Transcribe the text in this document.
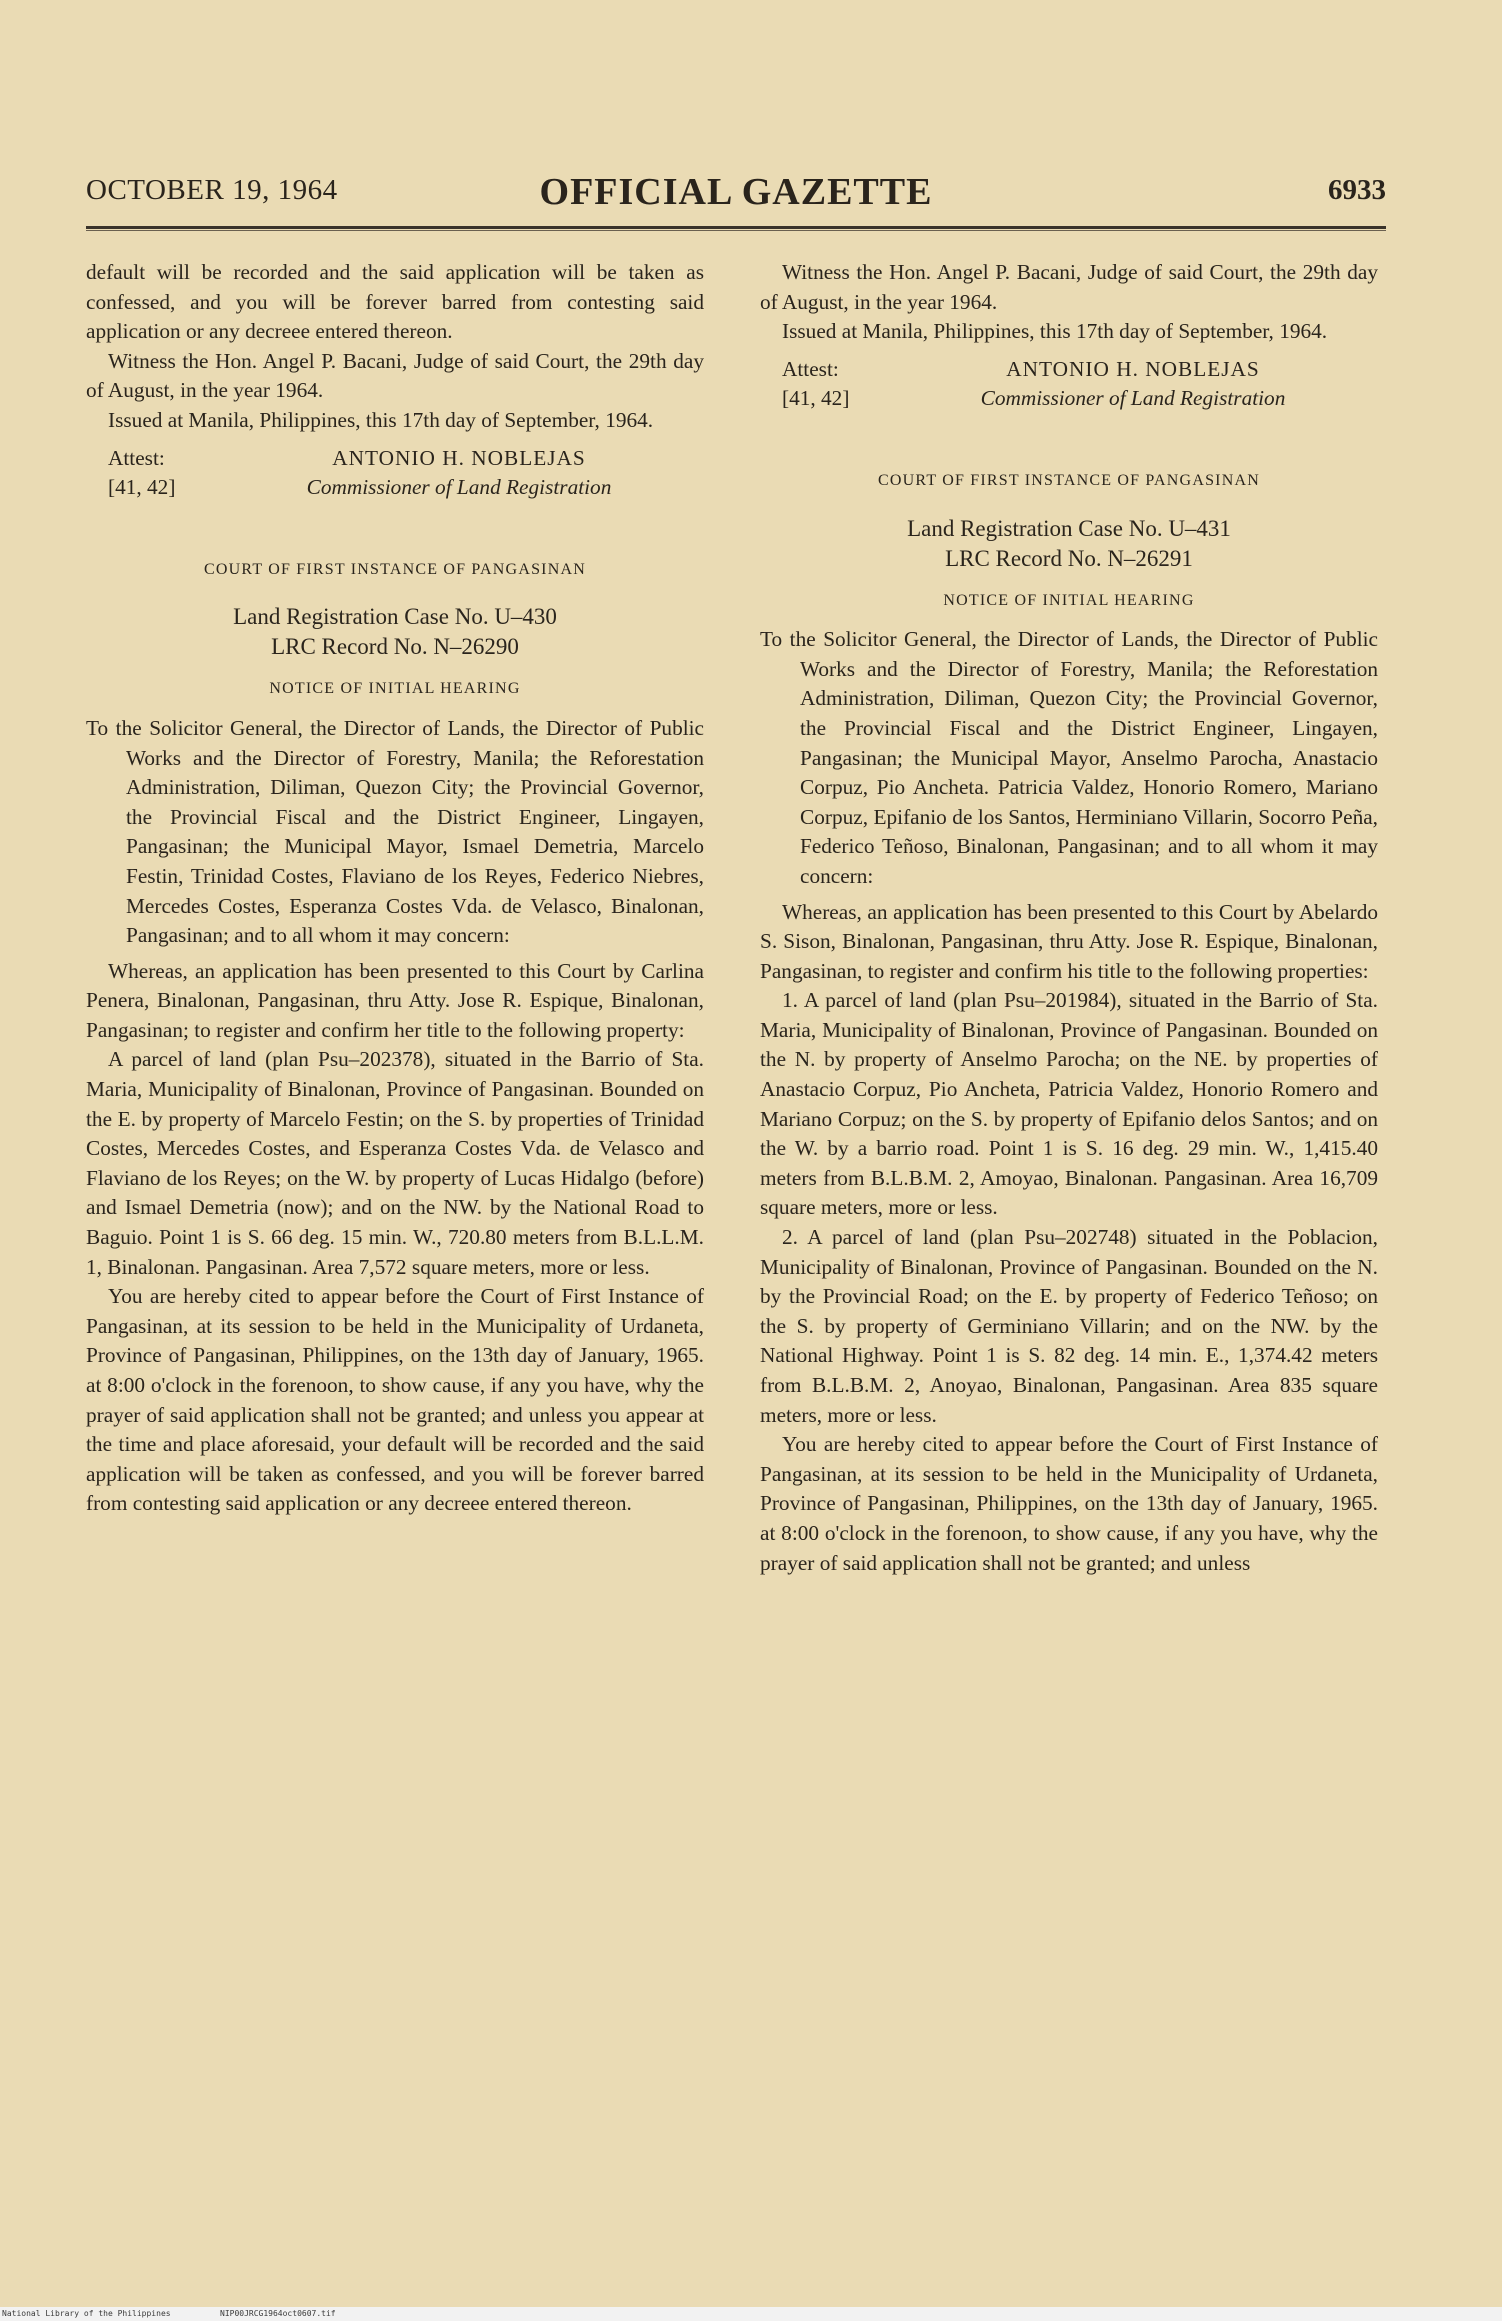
OCTOBER 19, 1964	OFFICIAL GAZETTE	6933

default will be recorded and the said application will be taken as confessed, and you will be forever barred from contesting said application or any decreee entered thereon.

Witness the Hon. Angel P. Bacani, Judge of said Court, the 29th day of August, in the year 1964.

Issued at Manila, Philippines, this 17th day of September, 1964.

Attest:	ANTONIO H. NOBLEJAS
[41, 42]	Commissioner of Land Registration
COURT OF FIRST INSTANCE OF PANGASINAN
Land Registration Case No. U–430
LRC Record No. N–26290
NOTICE OF INITIAL HEARING

To the Solicitor General, the Director of Lands, the Director of Public Works and the Director of Forestry, Manila; the Reforestation Administration, Diliman, Quezon City; the Provincial Governor, the Provincial Fiscal and the District Engineer, Lingayen, Pangasinan; the Municipal Mayor, Ismael Demetria, Marcelo Festin, Trinidad Costes, Flaviano de los Reyes, Federico Niebres, Mercedes Costes, Esperanza Costes Vda. de Velasco, Binalonan, Pangasinan; and to all whom it may concern:

Whereas, an application has been presented to this Court by Carlina Penera, Binalonan, Pangasinan, thru Atty. Jose R. Espique, Binalonan, Pangasinan; to register and confirm her title to the following property:

A parcel of land (plan Psu–202378), situated in the Barrio of Sta. Maria, Municipality of Binalonan, Province of Pangasinan. Bounded on the E. by property of Marcelo Festin; on the S. by properties of Trinidad Costes, Mercedes Costes, and Esperanza Costes Vda. de Velasco and Flaviano de los Reyes; on the W. by property of Lucas Hidalgo (before) and Ismael Demetria (now); and on the NW. by the National Road to Baguio. Point 1 is S. 66 deg. 15 min. W., 720.80 meters from B.L.L.M. 1, Binalonan. Pangasinan. Area 7,572 square meters, more or less.

You are hereby cited to appear before the Court of First Instance of Pangasinan, at its session to be held in the Municipality of Urdaneta, Province of Pangasinan, Philippines, on the 13th day of January, 1965. at 8:00 o'clock in the forenoon, to show cause, if any you have, why the prayer of said application shall not be granted; and unless you appear at the time and place aforesaid, your default will be recorded and the said application will be taken as confessed, and you will be forever barred from contesting said application or any decreee entered thereon.

Witness the Hon. Angel P. Bacani, Judge of said Court, the 29th day of August, in the year 1964.

Issued at Manila, Philippines, this 17th day of September, 1964.

Attest:	ANTONIO H. NOBLEJAS
[41, 42]	Commissioner of Land Registration
COURT OF FIRST INSTANCE OF PANGASINAN
Land Registration Case No. U–431
LRC Record No. N–26291
NOTICE OF INITIAL HEARING

To the Solicitor General, the Director of Lands, the Director of Public Works and the Director of Forestry, Manila; the Reforestation Administration, Diliman, Quezon City; the Provincial Governor, the Provincial Fiscal and the District Engineer, Lingayen, Pangasinan; the Municipal Mayor, Anselmo Parocha, Anastacio Corpuz, Pio Ancheta. Patricia Valdez, Honorio Romero, Mariano Corpuz, Epifanio de los Santos, Herminiano Villarin, Socorro Peña, Federico Teñoso, Binalonan, Pangasinan; and to all whom it may concern:

Whereas, an application has been presented to this Court by Abelardo S. Sison, Binalonan, Pangasinan, thru Atty. Jose R. Espique, Binalonan, Pangasinan, to register and confirm his title to the following properties:

1. A parcel of land (plan Psu–201984), situated in the Barrio of Sta. Maria, Municipality of Binalonan, Province of Pangasinan. Bounded on the N. by property of Anselmo Parocha; on the NE. by properties of Anastacio Corpuz, Pio Ancheta, Patricia Valdez, Honorio Romero and Mariano Corpuz; on the S. by property of Epifanio delos Santos; and on the W. by a barrio road. Point 1 is S. 16 deg. 29 min. W., 1,415.40 meters from B.L.B.M. 2, Amoyao, Binalonan. Pangasinan. Area 16,709 square meters, more or less.

2. A parcel of land (plan Psu–202748) situated in the Poblacion, Municipality of Binalonan, Province of Pangasinan. Bounded on the N. by the Provincial Road; on the E. by property of Federico Teñoso; on the S. by property of Germiniano Villarin; and on the NW. by the National Highway. Point 1 is S. 82 deg. 14 min. E., 1,374.42 meters from B.L.B.M. 2, Anoyao, Binalonan, Pangasinan. Area 835 square meters, more or less.

You are hereby cited to appear before the Court of First Instance of Pangasinan, at its session to be held in the Municipality of Urdaneta, Province of Pangasinan, Philippines, on the 13th day of January, 1965. at 8:00 o'clock in the forenoon, to show cause, if any you have, why the prayer of said application shall not be granted; and unless

National Library of the Philippines	NIP00JRCG1964oct0607.tif
